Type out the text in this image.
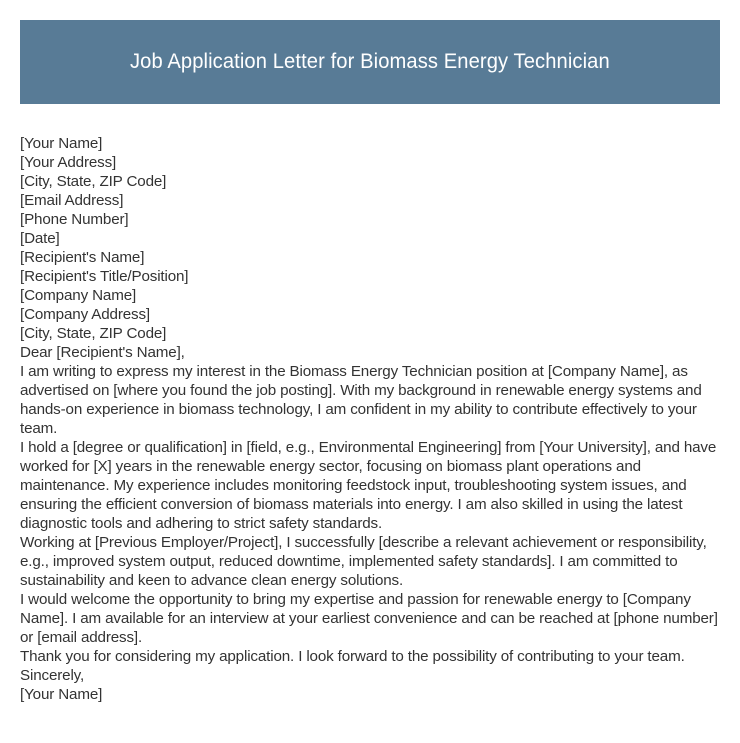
Job Application Letter for Biomass Energy Technician
[Your Name]
[Your Address]
[City, State, ZIP Code]
[Email Address]
[Phone Number]
[Date]
[Recipient's Name]
[Recipient's Title/Position]
[Company Name]
[Company Address]
[City, State, ZIP Code]
Dear [Recipient's Name],

I am writing to express my interest in the Biomass Energy Technician position at [Company Name], as advertised on [where you found the job posting]. With my background in renewable energy systems and hands-on experience in biomass technology, I am confident in my ability to contribute effectively to your team.

I hold a [degree or qualification] in [field, e.g., Environmental Engineering] from [Your University], and have worked for [X] years in the renewable energy sector, focusing on biomass plant operations and maintenance. My experience includes monitoring feedstock input, troubleshooting system issues, and ensuring the efficient conversion of biomass materials into energy. I am also skilled in using the latest diagnostic tools and adhering to strict safety standards.

Working at [Previous Employer/Project], I successfully [describe a relevant achievement or responsibility, e.g., improved system output, reduced downtime, implemented safety standards]. I am committed to sustainability and keen to advance clean energy solutions.

I would welcome the opportunity to bring my expertise and passion for renewable energy to [Company Name]. I am available for an interview at your earliest convenience and can be reached at [phone number] or [email address].

Thank you for considering my application. I look forward to the possibility of contributing to your team.

Sincerely,
[Your Name]
